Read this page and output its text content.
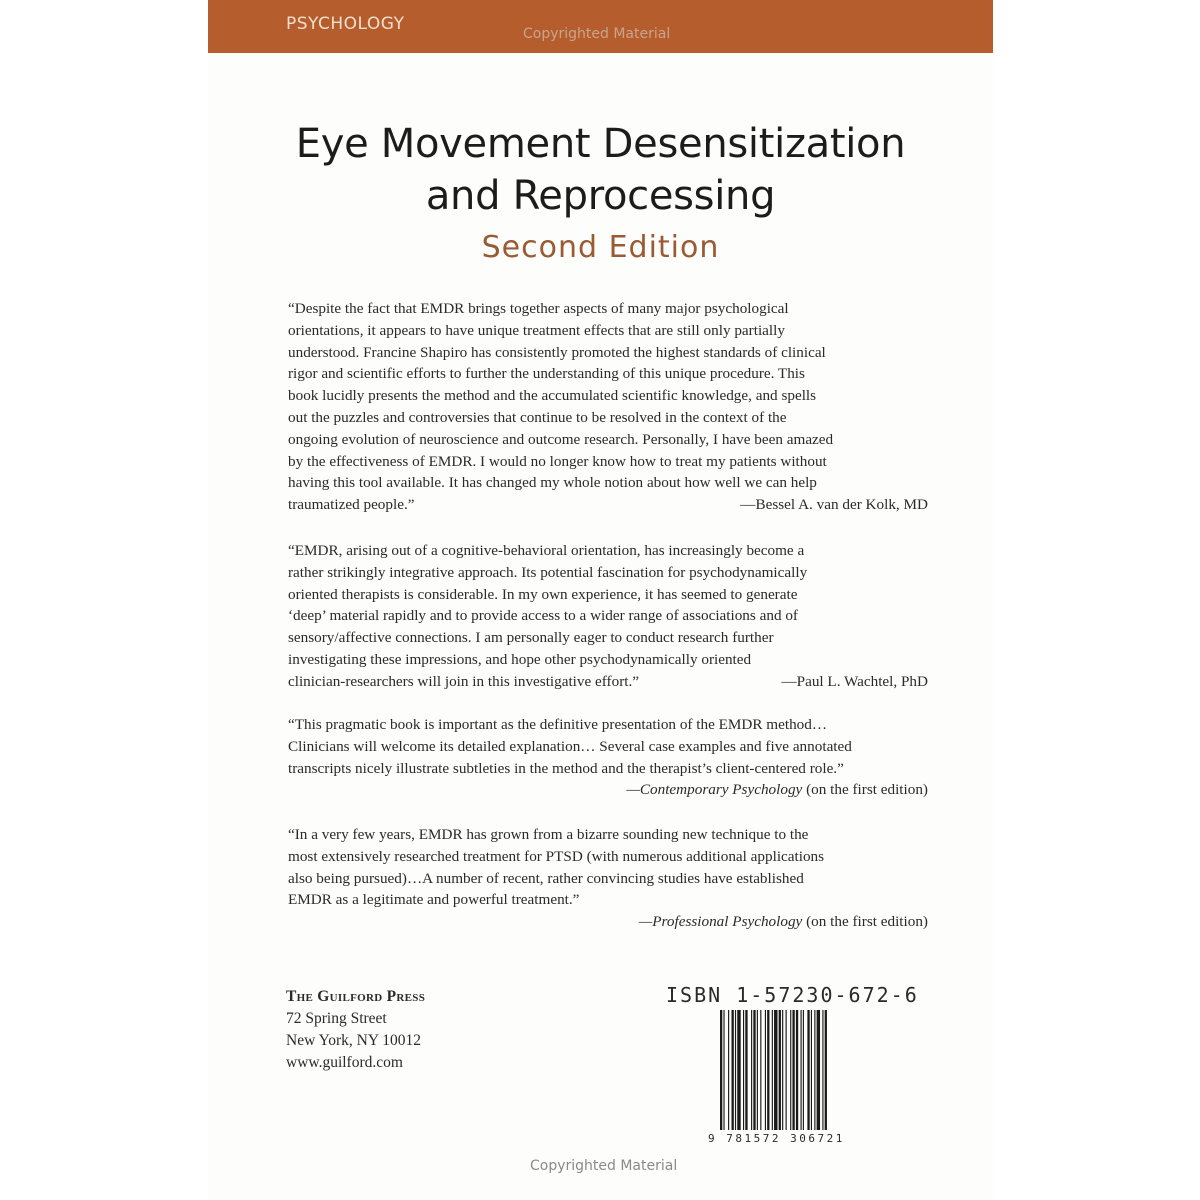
PSYCHOLOGY	Copyrighted Material
Eye Movement Desensitization
and Reprocessing
Second Edition
“Despite the fact that EMDR brings together aspects of many major psychological
orientations, it appears to have unique treatment effects that are still only partially
understood. Francine Shapiro has consistently promoted the highest standards of clinical
rigor and scientific efforts to further the understanding of this unique procedure. This
book lucidly presents the method and the accumulated scientific knowledge, and spells
out the puzzles and controversies that continue to be resolved in the context of the
ongoing evolution of neuroscience and outcome research. Personally, I have been amazed
by the effectiveness of EMDR. I would no longer know how to treat my patients without
having this tool available. It has changed my whole notion about how well we can help
traumatized people.”	—Bessel A. van der Kolk, MD
“EMDR, arising out of a cognitive-behavioral orientation, has increasingly become a
rather strikingly integrative approach. Its potential fascination for psychodynamically
oriented therapists is considerable. In my own experience, it has seemed to generate
‘deep’ material rapidly and to provide access to a wider range of associations and of
sensory/affective connections. I am personally eager to conduct research further
investigating these impressions, and hope other psychodynamically oriented
clinician-researchers will join in this investigative effort.”	—Paul L. Wachtel, PhD
“This pragmatic book is important as the definitive presentation of the EMDR method…
Clinicians will welcome its detailed explanation… Several case examples and five annotated
transcripts nicely illustrate subtleties in the method and the therapist’s client-centered role.”
—Contemporary Psychology (on the first edition)
“In a very few years, EMDR has grown from a bizarre sounding new technique to the
most extensively researched treatment for PTSD (with numerous additional applications
also being pursued)…A number of recent, rather convincing studies have established
EMDR as a legitimate and powerful treatment.”
—Professional Psychology (on the first edition)
The Guilford Press
72 Spring Street
New York, NY 10012
www.guilford.com
ISBN 1-57230-672-6
9 781572 306721
Copyrighted Material
